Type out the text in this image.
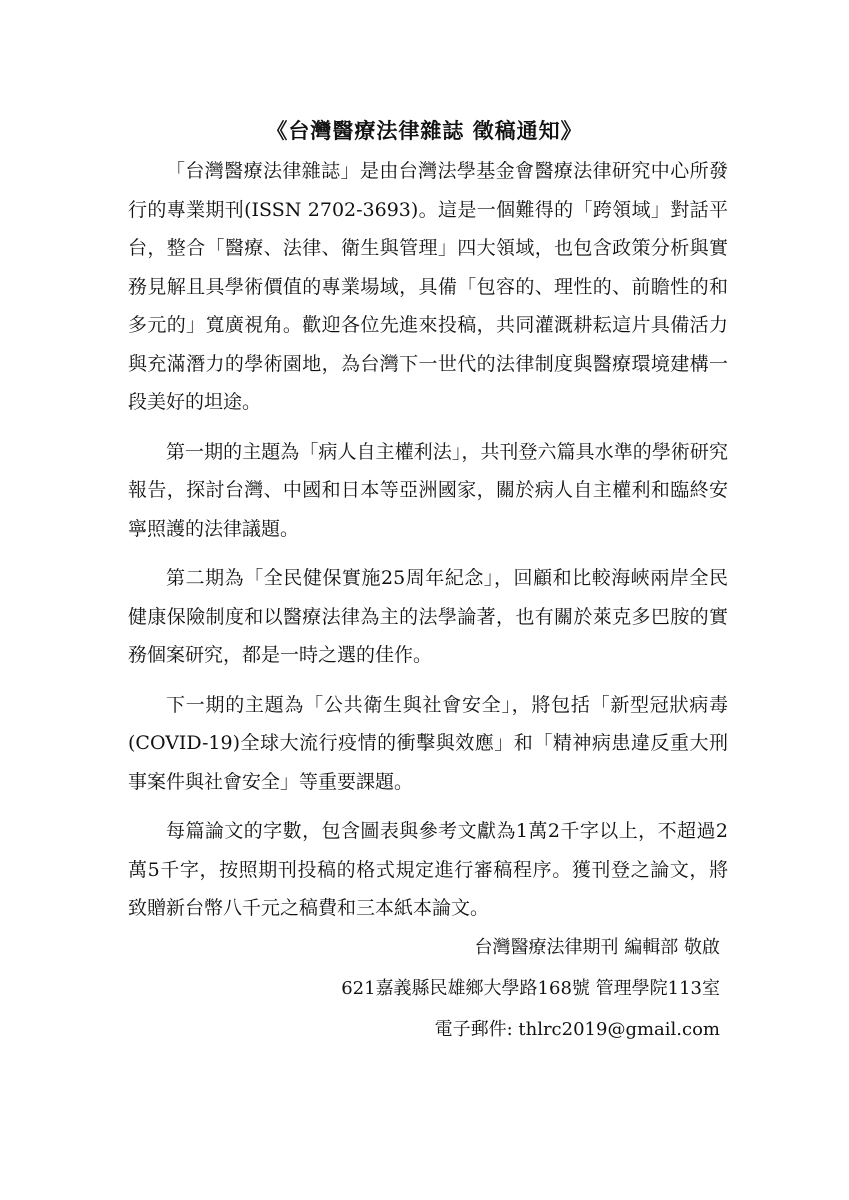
《台灣醫療法律雜誌 徵稿通知》

「台灣醫療法律雜誌」是由台灣法學基金會醫療法律研究中心所發行的專業期刊(ISSN 2702-3693)。這是一個難得的「跨領域」對話平台，整合「醫療、法律、衛生與管理」四大領域，也包含政策分析與實務見解且具學術價值的專業場域，具備「包容的、理性的、前瞻性的和多元的」寬廣視角。歡迎各位先進來投稿，共同灌溉耕耘這片具備活力與充滿潛力的學術園地，為台灣下一世代的法律制度與醫療環境建構一段美好的坦途。

第一期的主題為「病人自主權利法」，共刊登六篇具水準的學術研究報告，探討台灣、中國和日本等亞洲國家，關於病人自主權利和臨終安寧照護的法律議題。

第二期為「全民健保實施25周年紀念」，回顧和比較海峽兩岸全民健康保險制度和以醫療法律為主的法學論著，也有關於萊克多巴胺的實務個案研究，都是一時之選的佳作。

下一期的主題為「公共衛生與社會安全」，將包括「新型冠狀病毒(COVID-19)全球大流行疫情的衝擊與效應」和「精神病患違反重大刑事案件與社會安全」等重要課題。

每篇論文的字數，包含圖表與參考文獻為1萬2千字以上，不超過2萬5千字，按照期刊投稿的格式規定進行審稿程序。獲刊登之論文，將致贈新台幣八千元之稿費和三本紙本論文。

台灣醫療法律期刊 編輯部 敬啟
621嘉義縣民雄鄉大學路168號 管理學院113室
電子郵件: thlrc2019@gmail.com
